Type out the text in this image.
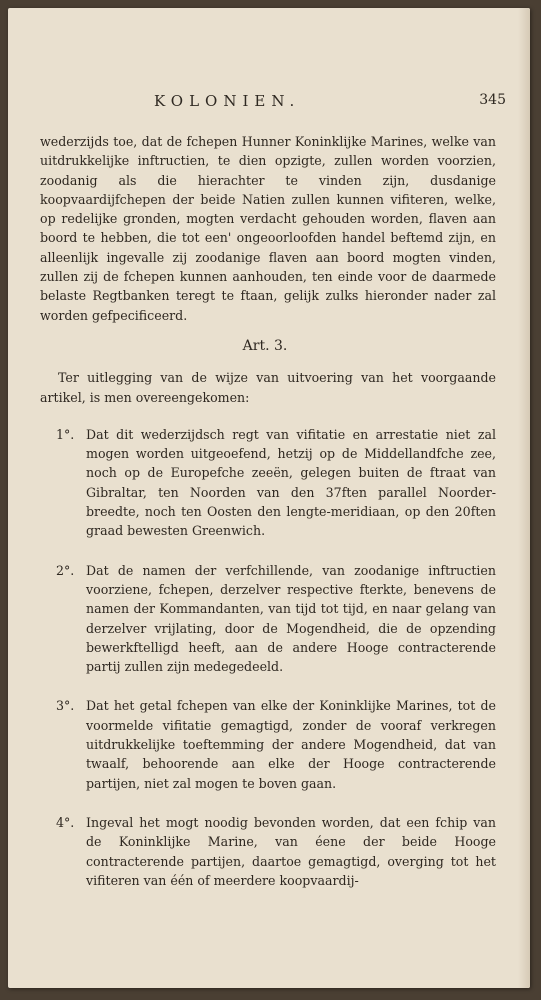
KOLONIEN.	345

wederzijds toe, dat de fchepen Hunner Koninklijke Marines, welke van uitdrukkelijke inftructien, te dien opzigte, zullen worden voorzien, zoodanig als die hierachter te vinden zijn, dusdanige koopvaardijfchepen der beide Natien zullen kunnen vifiteren, welke, op redelijke gronden, mogten verdacht gehouden worden, flaven aan boord te hebben, die tot een' ongeoorloofden handel beftemd zijn, en alleenlijk ingevalle zij zoodanige flaven aan boord mogten vinden, zullen zij de fchepen kunnen aanhouden, ten einde voor de daarmede belaste Regtbanken teregt te ftaan, gelijk zulks hieronder nader zal worden gefpecificeerd.

Art. 3.

Ter uitlegging van de wijze van uitvoering van het voorgaande artikel, is men overeengekomen:

1°. Dat dit wederzijdsch regt van vifitatie en arrestatie niet zal mogen worden uitgeoefend, hetzij op de Middellandfche zee, noch op de Europefche zeeën, gelegen buiten de ftraat van Gibraltar, ten Noorden van den 37ften parallel Noorder-breedte, noch ten Oosten den lengte-meridiaan, op den 20ften graad bewesten Greenwich.
2°. Dat de namen der verfchillende, van zoodanige inftructien voorziene, fchepen, derzelver respective fterkte, benevens de namen der Kommandanten, van tijd tot tijd, en naar gelang van derzelver vrijlating, door de Mogendheid, die de opzending bewerkftelligd heeft, aan de andere Hooge contracterende partij zullen zijn medegedeeld.
3°. Dat het getal fchepen van elke der Koninklijke Marines, tot de voormelde vifitatie gemagtigd, zonder de vooraf verkregen uitdrukkelijke toeftemming der andere Mogendheid, dat van twaalf, behoorende aan elke der Hooge contracterende partijen, niet zal mogen te boven gaan.
4°. Ingeval het mogt noodig bevonden worden, dat een fchip van de Koninklijke Marine, van éene der beide Hooge contracterende partijen, daartoe gemagtigd, overging tot het vifiteren van één of meerdere koopvaardij-
